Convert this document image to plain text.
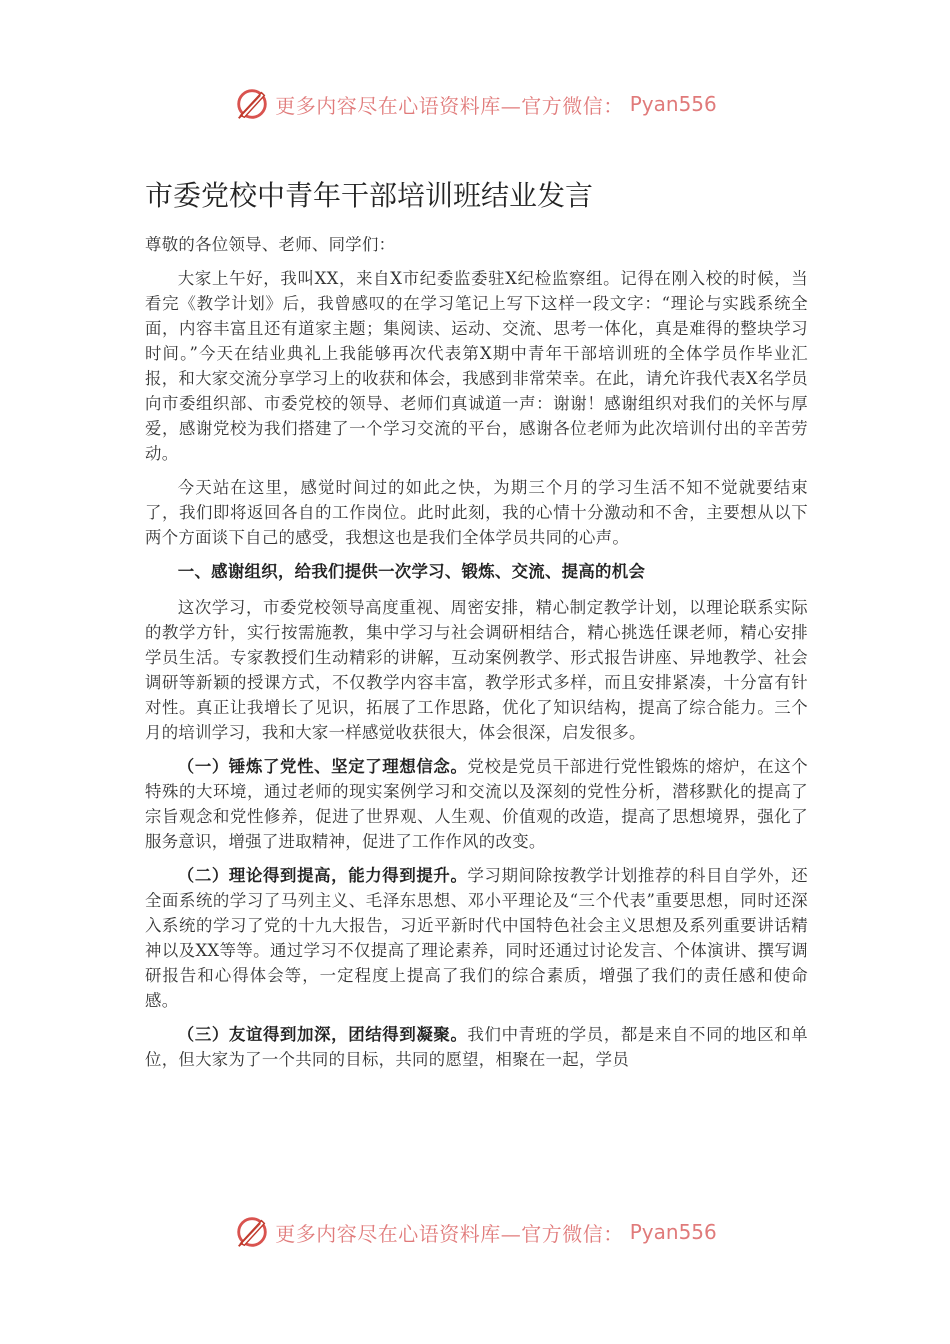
更多内容尽在心语资料库—官方微信： Pyan556
市委党校中青年干部培训班结业发言

尊敬的各位领导、老师、同学们：

大家上午好，我叫XX，来自X市纪委监委驻X纪检监察组。记得在刚入校的时候，当看完《教学计划》后，我曾感叹的在学习笔记上写下这样一段文字：“理论与实践系统全面，内容丰富且还有道家主题；集阅读、运动、交流、思考一体化，真是难得的整块学习时间。”今天在结业典礼上我能够再次代表第X期中青年干部培训班的全体学员作毕业汇报，和大家交流分享学习上的收获和体会，我感到非常荣幸。在此，请允许我代表X名学员向市委组织部、市委党校的领导、老师们真诚道一声：谢谢！感谢组织对我们的关怀与厚爱，感谢党校为我们搭建了一个学习交流的平台，感谢各位老师为此次培训付出的辛苦劳动。

今天站在这里，感觉时间过的如此之快，为期三个月的学习生活不知不觉就要结束了，我们即将返回各自的工作岗位。此时此刻，我的心情十分激动和不舍，主要想从以下两个方面谈下自己的感受，我想这也是我们全体学员共同的心声。

一、感谢组织，给我们提供一次学习、锻炼、交流、提高的机会

这次学习，市委党校领导高度重视、周密安排，精心制定教学计划，以理论联系实际的教学方针，实行按需施教，集中学习与社会调研相结合，精心挑选任课老师，精心安排学员生活。专家教授们生动精彩的讲解，互动案例教学、形式报告讲座、异地教学、社会调研等新颖的授课方式，不仅教学内容丰富，教学形式多样，而且安排紧凑，十分富有针对性。真正让我增长了见识，拓展了工作思路，优化了知识结构，提高了综合能力。三个月的培训学习，我和大家一样感觉收获很大，体会很深，启发很多。

（一）锤炼了党性、坚定了理想信念。党校是党员干部进行党性锻炼的熔炉，在这个特殊的大环境，通过老师的现实案例学习和交流以及深刻的党性分析，潜移默化的提高了宗旨观念和党性修养，促进了世界观、人生观、价值观的改造，提高了思想境界，强化了服务意识，增强了进取精神，促进了工作作风的改变。

（二）理论得到提高，能力得到提升。学习期间除按教学计划推荐的科目自学外，还全面系统的学习了马列主义、毛泽东思想、邓小平理论及“三个代表”重要思想，同时还深入系统的学习了党的十九大报告，习近平新时代中国特色社会主义思想及系列重要讲话精神以及XX等等。通过学习不仅提高了理论素养，同时还通过讨论发言、个体演讲、撰写调研报告和心得体会等，一定程度上提高了我们的综合素质，增强了我们的责任感和使命感。

（三）友谊得到加深，团结得到凝聚。我们中青班的学员，都是来自不同的地区和单位，但大家为了一个共同的目标，共同的愿望，相聚在一起，学员

更多内容尽在心语资料库—官方微信： Pyan556
